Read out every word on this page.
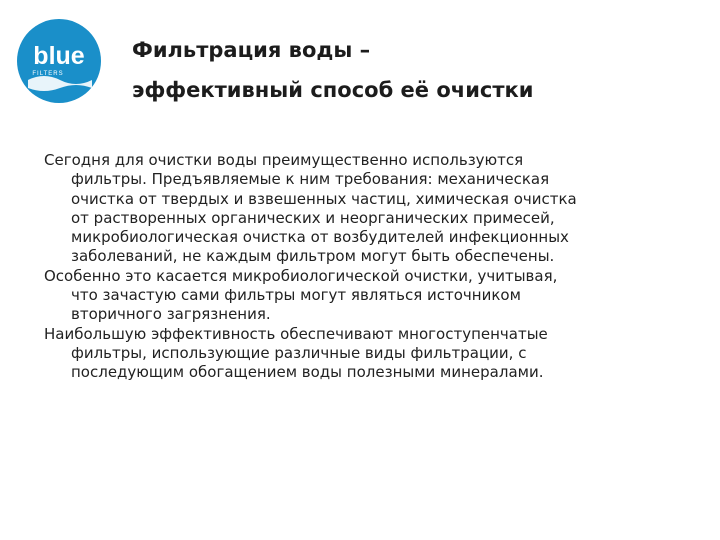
blue
FILTERS
Фильтрация воды –
эффективный способ её очистки

Сегодня для очистки воды преимущественно используются
фильтры. Предъявляемые к ним требования: механическая
очистка от твердых и взвешенных частиц, химическая очистка
от растворенных органических и неорганических примесей,
микробиологическая очистка от возбудителей инфекционных
заболеваний, не каждым фильтром могут быть обеспечены.

Особенно это касается микробиологической очистки, учитывая,
что зачастую сами фильтры могут являться источником
вторичного загрязнения.

Наибольшую эффективность обеспечивают многоступенчатые
фильтры, использующие различные виды фильтрации, с
последующим обогащением воды полезными минералами.
